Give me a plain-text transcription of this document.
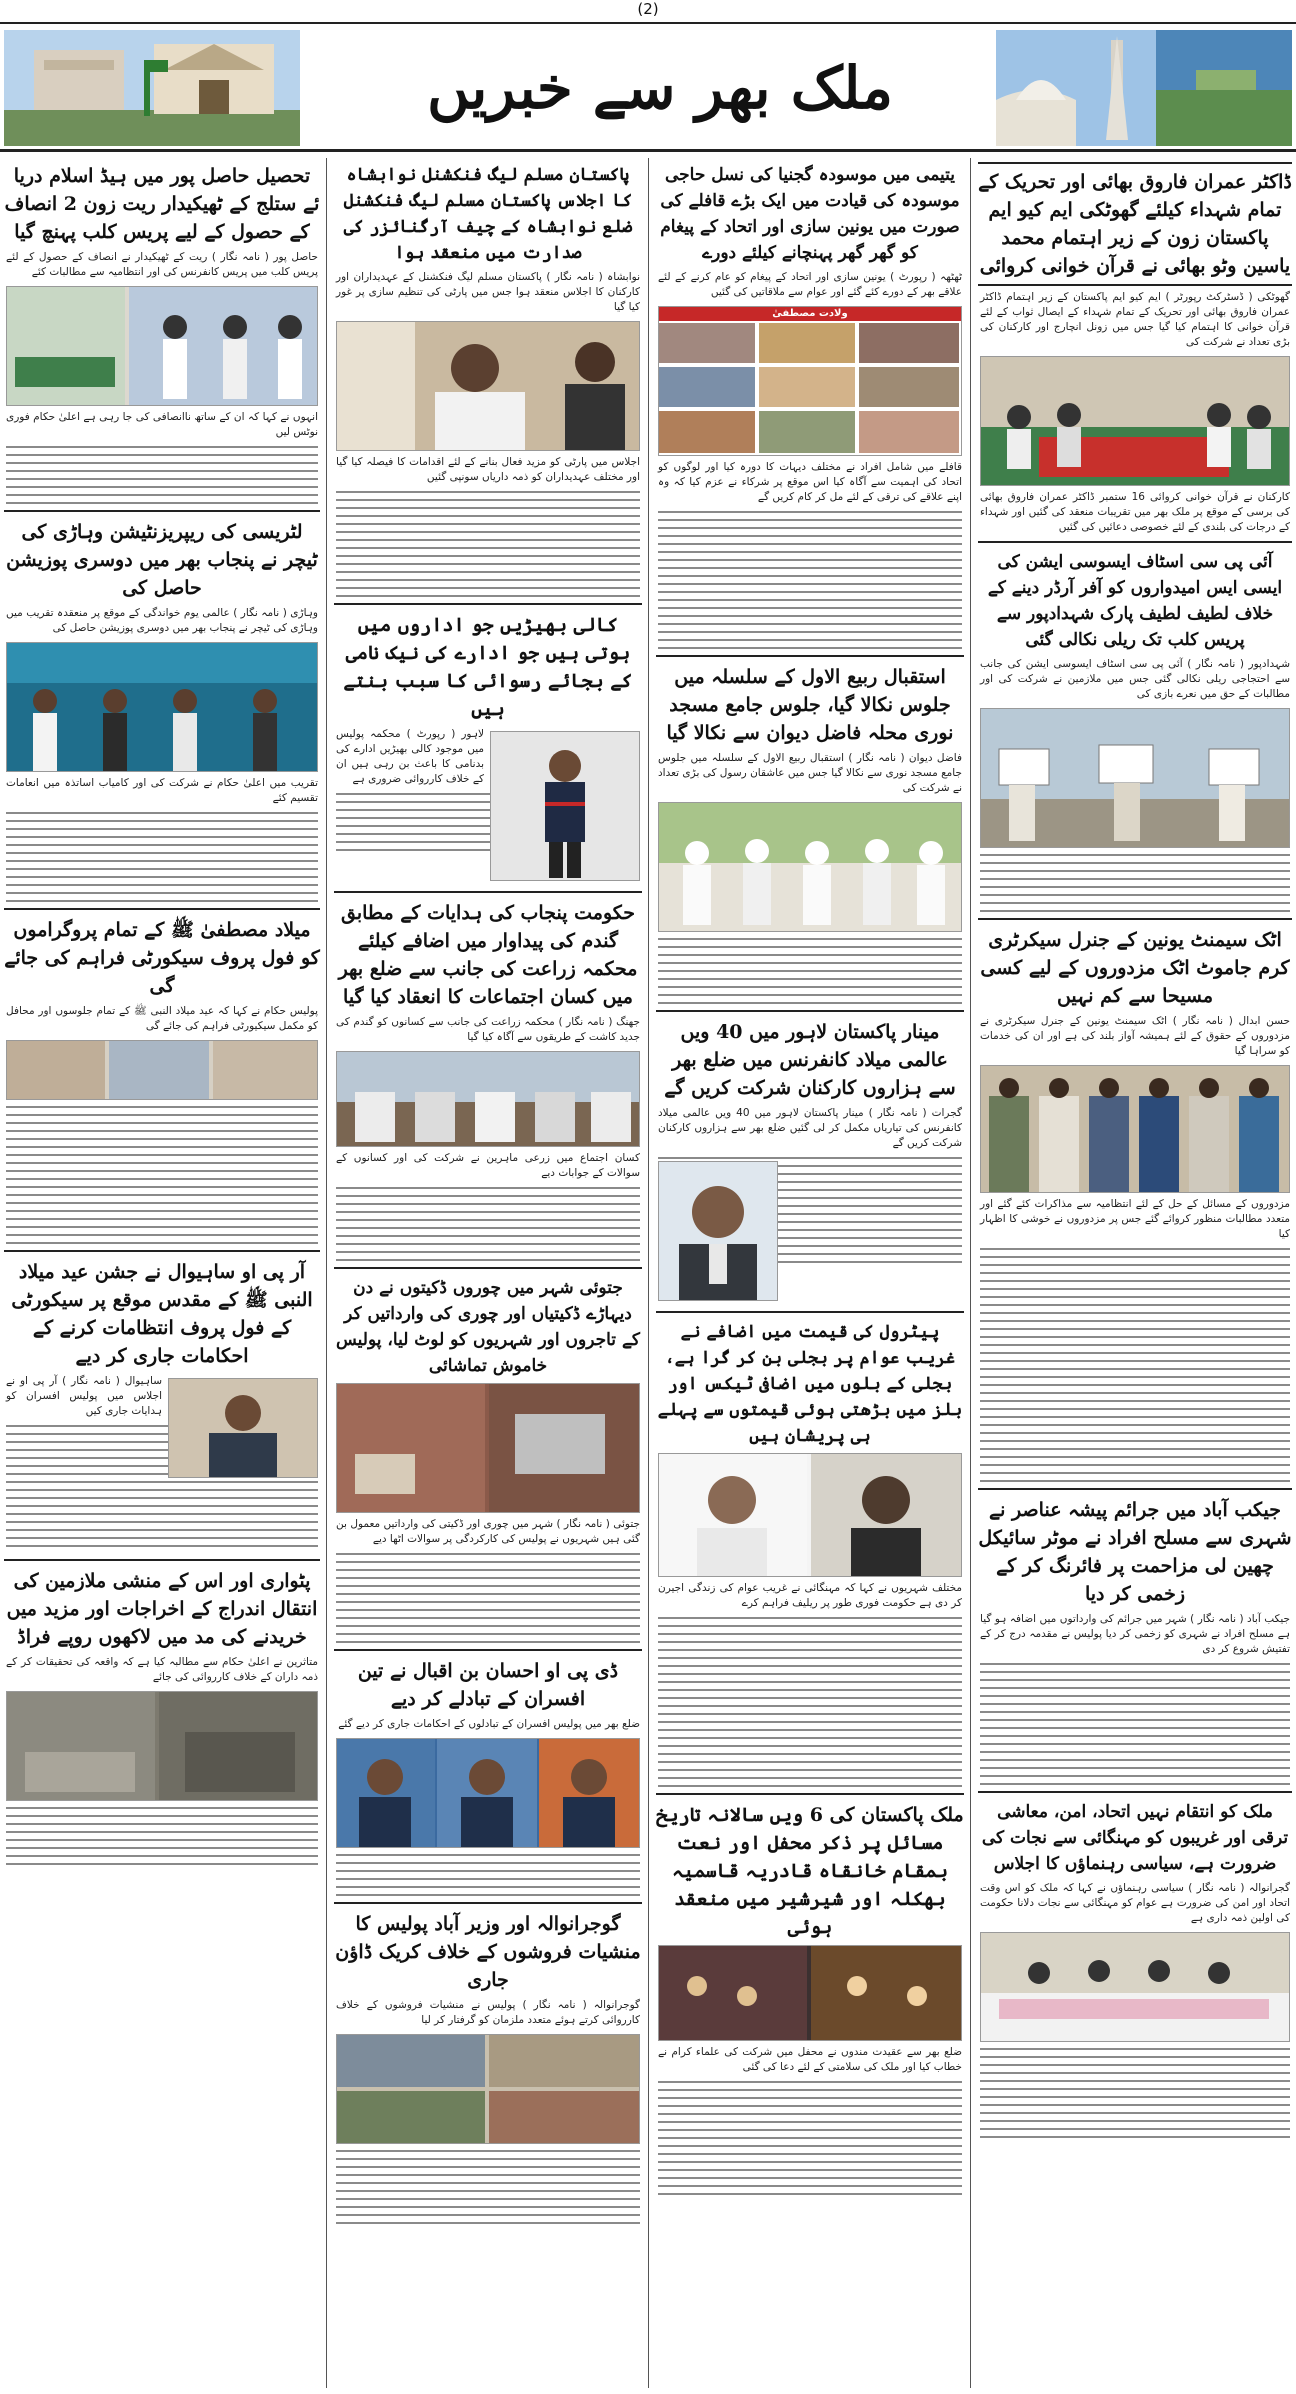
(2)
ملک بھر سے خبریں
ڈاکٹر عمران فاروق بھائی اور تحریک کے تمام شہداء کیلئے گھوٹکی ایم کیو ایم پاکستان زون کے زیر اہتمام محمد یاسین وٹو بھائی نے قرآن خوانی کروائی
گھوٹکی ( ڈسٹرکٹ رپورٹر ) ایم کیو ایم پاکستان کے زیر اہتمام ڈاکٹر عمران فاروق بھائی اور تحریک کے تمام شہداء کے ایصال ثواب کے لئے قرآن خوانی کا اہتمام کیا گیا جس میں زونل انچارج اور کارکنان کی بڑی تعداد نے شرکت کی
کارکنان نے قرآن خوانی کروائی 16 ستمبر ڈاکٹر عمران فاروق بھائی کی برسی کے موقع پر ملک بھر میں تقریبات منعقد کی گئیں اور شہداء کے درجات کی بلندی کے لئے خصوصی دعائیں کی گئیں
آئی پی سی اسٹاف ایسوسی ایشن کی ایسی ایس امیدواروں کو آفر آرڈر دینے کے خلاف لطیف لطیف پارک شہدادپور سے پریس کلب تک ریلی نکالی گئی
شہدادپور ( نامہ نگار ) آئی پی سی اسٹاف ایسوسی ایشن کی جانب سے احتجاجی ریلی نکالی گئی جس میں ملازمین نے شرکت کی اور مطالبات کے حق میں نعرے بازی کی
اٹک سیمنٹ یونین کے جنرل سیکرٹری کرم جاموٹ اٹک مزدوروں کے لیے کسی مسیحا سے کم نہیں
حسن ابدال ( نامہ نگار ) اٹک سیمنٹ یونین کے جنرل سیکرٹری نے مزدوروں کے حقوق کے لئے ہمیشہ آواز بلند کی ہے اور ان کی خدمات کو سراہا گیا
مزدوروں کے مسائل کے حل کے لئے انتظامیہ سے مذاکرات کئے گئے اور متعدد مطالبات منظور کروائے گئے جس پر مزدوروں نے خوشی کا اظہار کیا
جیکب آباد میں جرائم پیشہ عناصر نے شہری سے مسلح افراد نے موٹر سائیکل چھین لی مزاحمت پر فائرنگ کر کے زخمی کر دیا
جیکب آباد ( نامہ نگار ) شہر میں جرائم کی وارداتوں میں اضافہ ہو گیا ہے مسلح افراد نے شہری کو زخمی کر دیا پولیس نے مقدمہ درج کر کے تفتیش شروع کر دی
ملک کو انتقام نہیں اتحاد، امن، معاشی ترقی اور غریبوں کو مہنگائی سے نجات کی ضرورت ہے، سیاسی رہنماؤں کا اجلاس
گجرانوالہ ( نامہ نگار ) سیاسی رہنماؤں نے کہا کہ ملک کو اس وقت اتحاد اور امن کی ضرورت ہے عوام کو مہنگائی سے نجات دلانا حکومت کی اولین ذمہ داری ہے
یتیمی میں موسودہ گجنیا کی نسل حاجی موسودہ کی قیادت میں ایک بڑے قافلے کی صورت میں یونین سازی اور اتحاد کے پیغام کو گھر گھر پہنچانے کیلئے دورے
ٹھٹھہ ( رپورٹ ) یونین سازی اور اتحاد کے پیغام کو عام کرنے کے لئے علاقے بھر کے دورے کئے گئے اور عوام سے ملاقاتیں کی گئیں
ولادت مصطفیٰ
قافلے میں شامل افراد نے مختلف دیہات کا دورہ کیا اور لوگوں کو اتحاد کی اہمیت سے آگاہ کیا اس موقع پر شرکاء نے عزم کیا کہ وہ اپنے علاقے کی ترقی کے لئے مل کر کام کریں گے
استقبال ربیع الاول کے سلسلہ میں جلوس نکالا گیا، جلوس جامع مسجد نوری محلہ فاضل دیوان سے نکالا گیا
فاضل دیوان ( نامہ نگار ) استقبال ربیع الاول کے سلسلہ میں جلوس جامع مسجد نوری سے نکالا گیا جس میں عاشقان رسول کی بڑی تعداد نے شرکت کی
مینار پاکستان لاہور میں 40 ویں عالمی میلاد کانفرنس میں ضلع بھر سے ہزاروں کارکنان شرکت کریں گے
گجرات ( نامہ نگار ) مینار پاکستان لاہور میں 40 ویں عالمی میلاد کانفرنس کی تیاریاں مکمل کر لی گئیں ضلع بھر سے ہزاروں کارکنان شرکت کریں گے
پیٹرول کی قیمت میں اضافے نے غریب عوام پر بجلی بن کر گرا ہے، بجلی کے بلوں میں اضافی ٹیکس اور بلز میں بڑھتی ہوئی قیمتوں سے پہلے ہی پریشان ہیں
مختلف شہریوں نے کہا کہ مہنگائی نے غریب عوام کی زندگی اجیرن کر دی ہے حکومت فوری طور پر ریلیف فراہم کرے
ملک پاکستان کی 6 ویں سالانہ تاریخ مسائل پر ذکر محفل اور نعت بمقام خانقاہ قادریہ قاسمیہ بھکلہ اور شیرشیر میں منعقد ہوئی
ضلع بھر سے عقیدت مندوں نے محفل میں شرکت کی علماء کرام نے خطاب کیا اور ملک کی سلامتی کے لئے دعا کی گئی
پاکستان مسلم لیگ فنکشنل نوابشاہ کا اجلاس پاکستان مسلم لیگ فنکشنل ضلع نوابشاہ کے چیف آرگنائزر کی صدارت میں منعقد ہوا
نوابشاہ ( نامہ نگار ) پاکستان مسلم لیگ فنکشنل کے عہدیداران اور کارکنان کا اجلاس منعقد ہوا جس میں پارٹی کی تنظیم سازی پر غور کیا گیا
اجلاس میں پارٹی کو مزید فعال بنانے کے لئے اقدامات کا فیصلہ کیا گیا اور مختلف عہدیداران کو ذمہ داریاں سونپی گئیں
کالی بھیڑیں جو اداروں میں ہوتی ہیں جو ادارے کی نیک نامی کے بجائے رسوائی کا سبب بنتے ہیں
لاہور ( رپورٹ ) محکمہ پولیس میں موجود کالی بھیڑیں ادارے کی بدنامی کا باعث بن رہی ہیں ان کے خلاف کارروائی ضروری ہے
حکومت پنجاب کی ہدایات کے مطابق گندم کی پیداوار میں اضافے کیلئے محکمہ زراعت کی جانب سے ضلع بھر میں کسان اجتماعات کا انعقاد کیا گیا
جھنگ ( نامہ نگار ) محکمہ زراعت کی جانب سے کسانوں کو گندم کی جدید کاشت کے طریقوں سے آگاہ کیا گیا
کسان اجتماع میں زرعی ماہرین نے شرکت کی اور کسانوں کے سوالات کے جوابات دیے
جتوئی شہر میں چوروں ڈکیتوں نے دن دیہاڑے ڈکیتیاں اور چوری کی وارداتیں کر کے تاجروں اور شہریوں کو لوٹ لیا، پولیس خاموش تماشائی
جتوئی ( نامہ نگار ) شہر میں چوری اور ڈکیتی کی وارداتیں معمول بن گئی ہیں شہریوں نے پولیس کی کارکردگی پر سوالات اٹھا دیے
ڈی پی او احسان بن اقبال نے تین افسران کے تبادلے کر دیے
ضلع بھر میں پولیس افسران کے تبادلوں کے احکامات جاری کر دیے گئے
گوجرانوالہ اور وزیر آباد پولیس کا منشیات فروشوں کے خلاف کریک ڈاؤن جاری
گوجرانوالہ ( نامہ نگار ) پولیس نے منشیات فروشوں کے خلاف کارروائی کرتے ہوئے متعدد ملزمان کو گرفتار کر لیا
تحصیل حاصل پور میں ہیڈ اسلام دریا ئے ستلج کے ٹھیکیدار ریت زون 2 انصاف کے حصول کے لیے پریس کلب پہنچ گیا
حاصل پور ( نامہ نگار ) ریت کے ٹھیکیدار نے انصاف کے حصول کے لئے پریس کلب میں پریس کانفرنس کی اور انتظامیہ سے مطالبات کئے
انہوں نے کہا کہ ان کے ساتھ ناانصافی کی جا رہی ہے اعلیٰ حکام فوری نوٹس لیں
لٹریسی کی ریپریزنٹیشن وہاڑی کی ٹیچر نے پنجاب بھر میں دوسری پوزیشن حاصل کی
وہاڑی ( نامہ نگار ) عالمی یوم خواندگی کے موقع پر منعقدہ تقریب میں وہاڑی کی ٹیچر نے پنجاب بھر میں دوسری پوزیشن حاصل کی
تقریب میں اعلیٰ حکام نے شرکت کی اور کامیاب اساتذہ میں انعامات تقسیم کئے
میلاد مصطفیٰ ﷺ کے تمام پروگراموں کو فول پروف سیکورٹی فراہم کی جائے گی
پولیس حکام نے کہا کہ عید میلاد النبی ﷺ کے تمام جلوسوں اور محافل کو مکمل سیکیورٹی فراہم کی جائے گی
آر پی او ساہیوال نے جشن عید میلاد النبی ﷺ کے مقدس موقع پر سیکورٹی کے فول پروف انتظامات کرنے کے احکامات جاری کر دیے
ساہیوال ( نامہ نگار ) آر پی او نے اجلاس میں پولیس افسران کو ہدایات جاری کیں
پٹواری اور اس کے منشی ملازمین کی انتقال اندراج کے اخراجات اور مزید میں خریدنے کی مد میں لاکھوں روپے فراڈ
متاثرین نے اعلیٰ حکام سے مطالبہ کیا ہے کہ واقعہ کی تحقیقات کر کے ذمہ داران کے خلاف کارروائی کی جائے
